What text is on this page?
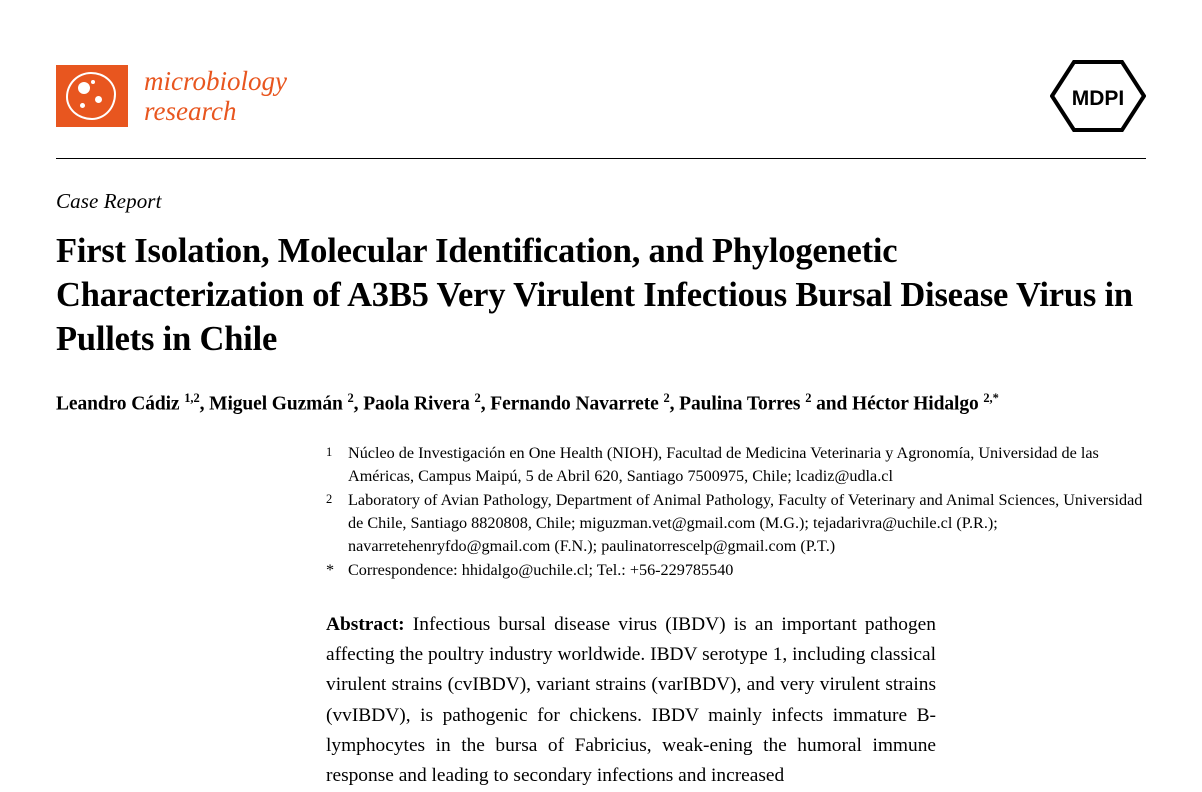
microbiology
research	MDPI
Case Report
First Isolation, Molecular Identification, and Phylogenetic Characterization of A3B5 Very Virulent Infectious Bursal Disease Virus in Pullets in Chile
Leandro Cádiz $^{1,2}$, Miguel Guzmán $^2$, Paola Rivera $^2$, Fernando Navarrete $^2$, Paulina Torres $^2$ and Héctor Hidalgo $^{2,*}$
1 Núcleo de Investigación en One Health (NIOH), Facultad de Medicina Veterinaria y Agronomía, Universidad de las Américas, Campus Maipú, 5 de Abril 620, Santiago 7500975, Chile; lcadiz@udla.cl
2 Laboratory of Avian Pathology, Department of Animal Pathology, Faculty of Veterinary and Animal Sciences, Universidad de Chile, Santiago 8820808, Chile; miguzman.vet@gmail.com (M.G.); tejadarivra@uchile.cl (P.R.); navarretehenryfdo@gmail.com (F.N.); paulinatorrescelp@gmail.com (P.T.)
* Correspondence: hhidalgo@uchile.cl; Tel.: +56-229785540
Abstract: Infectious bursal disease virus (IBDV) is an important pathogen affecting the poultry industry worldwide. IBDV serotype 1, including classical virulent strains (cvIBDV), variant strains (varIBDV), and very virulent strains (vvIBDV), is pathogenic for chickens. IBDV mainly infects immature B-lymphocytes in the bursa of Fabricius, weak-ening the humoral immune response and leading to secondary infections and increased
